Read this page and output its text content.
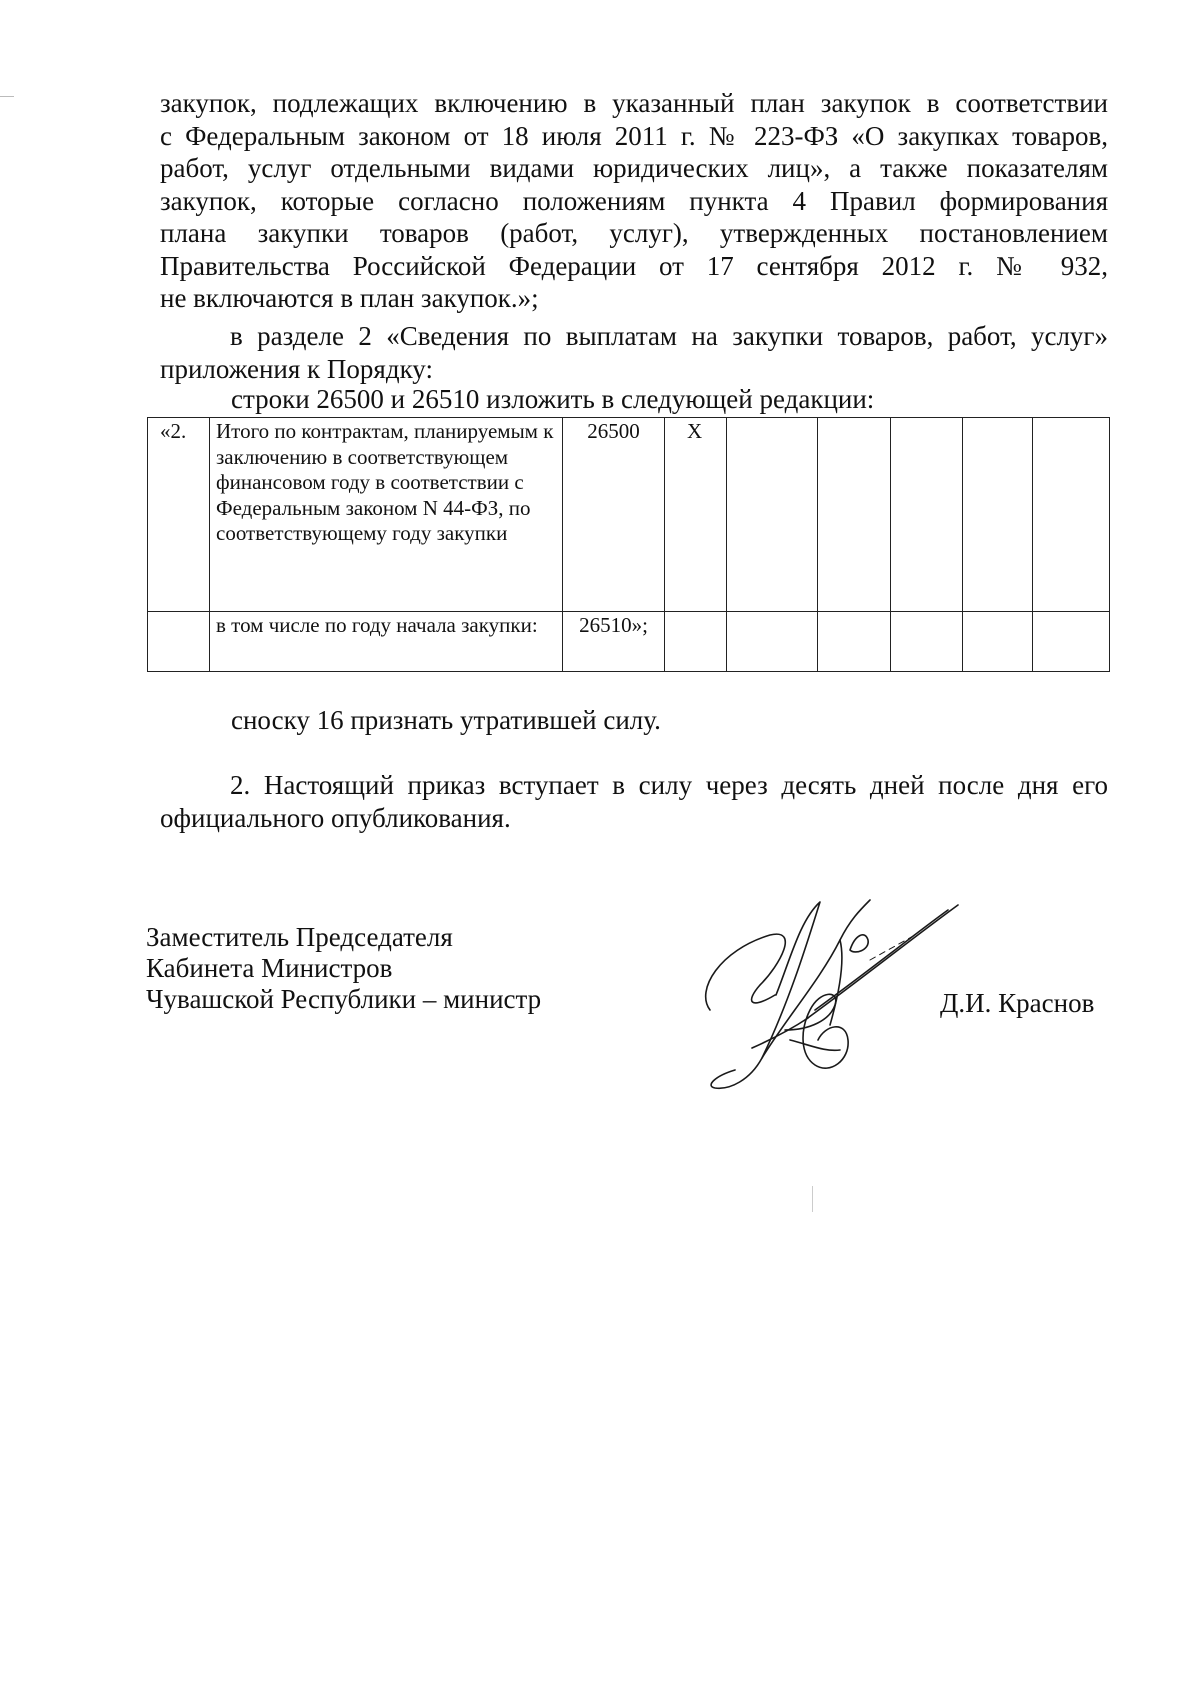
закупок, подлежащих включению в указанный план закупок в соответствии
с Федеральным законом от 18 июля 2011 г. № 223-ФЗ «О закупках товаров,
работ, услуг отдельными видами юридических лиц», а также показателям
закупок, которые согласно положениям пункта 4 Правил формирования
плана закупки товаров (работ, услуг), утвержденных постановлением
Правительства Российской Федерации от 17 сентября 2012 г. № 932,
не включаются в план закупок.»;
в разделе 2 «Сведения по выплатам на закупки товаров, работ, услуг»
приложения к Порядку:
строки 26500 и 26510 изложить в следующей редакции:
«2.	Итого по контрактам, планируемым к заключению в соответствующем финансовом году в соответствии с Федеральным законом N 44-ФЗ, по соответствующему году закупки	26500	X					
	в том числе по году начала закупки:	26510»;						
сноску 16 признать утратившей силу.
2. Настоящий приказ вступает в силу через десять дней после дня его
официального опубликования.
Заместитель Председателя
Кабинета Министров
Чувашской Республики – министр	Д.И. Краснов
